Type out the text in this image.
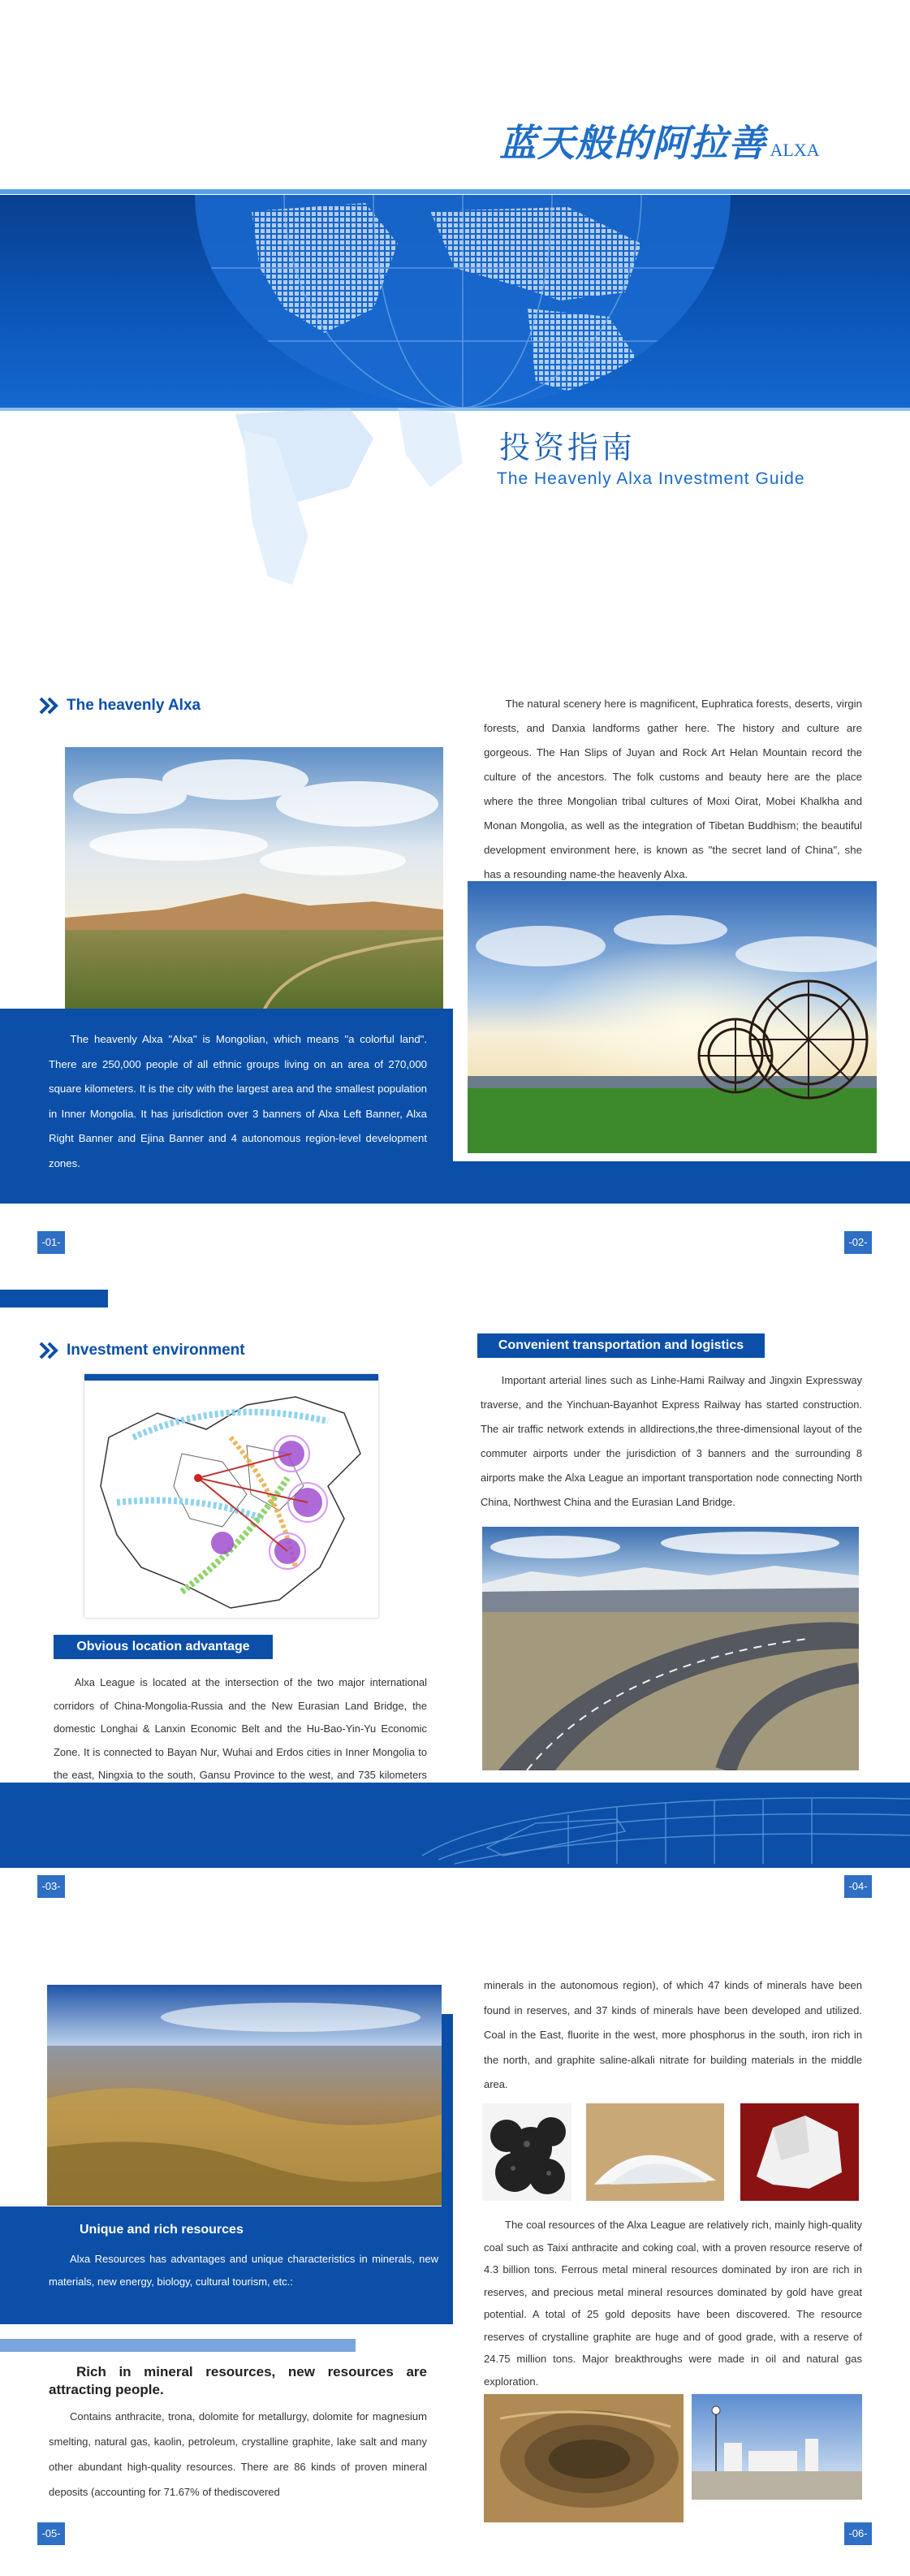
蓝天般的阿拉善 ALXA
投资指南
The Heavenly Alxa Investment Guide
The heavenly Alxa
The heavenly Alxa "Alxa" is Mongolian, which means "a colorful land". There are 250,000 people of all ethnic groups living on an area of 270,000 square kilometers. It is the city with the largest area and the smallest population in Inner Mongolia. It has jurisdiction over 3 banners of Alxa Left Banner, Alxa Right Banner and Ejina Banner and 4 autonomous region-level development zones.
The natural scenery here is magnificent, Euphratica forests, deserts, virgin forests, and Danxia landforms gather here. The history and culture are gorgeous. The Han Slips of Juyan and Rock Art Helan Mountain record the culture of the ancestors. The folk customs and beauty here are the place where the three Mongolian tribal cultures of Moxi Oirat, Mobei Khalkha and Monan Mongolia, as well as the integration of Tibetan Buddhism; the beautiful development environment here, is known as "the secret land of China", she has a resounding name-the heavenly Alxa.
-01-	-02-
Investment environment
Obvious location advantage
Alxa League is located at the intersection of the two major international corridors of China-Mongolia-Russia and the New Eurasian Land Bridge, the domestic Longhai & Lanxin Economic Belt and the Hu-Bao-Yin-Yu Economic Zone. It is connected to Bayan Nur, Wuhai and Erdos cities in Inner Mongolia to the east, Ningxia to the south, Gansu Province to the west, and 735 kilometers
Convenient transportation and logistics
Important arterial lines such as Linhe-Hami Railway and Jingxin Expressway traverse, and the Yinchuan-Bayanhot Express Railway has started construction. The air traffic network extends in alldirections,the three-dimensional layout of the commuter airports under the jurisdiction of 3 banners and the surrounding 8 airports make the Alxa League an important transportation node connecting North China, Northwest China and the Eurasian Land Bridge.
-03-	-04-
Unique and rich resources
Alxa Resources has advantages and unique characteristics in minerals, new materials, new energy, biology, cultural tourism, etc.:
Rich in mineral resources, new resources are attracting people.
Contains anthracite, trona, dolomite for metallurgy, dolomite for magnesium smelting, natural gas, kaolin, petroleum, crystalline graphite, lake salt and many other abundant high-quality resources. There are 86 kinds of proven mineral deposits (accounting for 71.67% of thediscovered
minerals in the autonomous region), of which 47 kinds of minerals have been found in reserves, and 37 kinds of minerals have been developed and utilized. Coal in the East, fluorite in the west, more phosphorus in the south, iron rich in the north, and graphite saline-alkali nitrate for building materials in the middle area.
The coal resources of the Alxa League are relatively rich, mainly high-quality coal such as Taixi anthracite and coking coal, with a proven resource reserve of 4.3 billion tons. Ferrous metal mineral resources dominated by iron are rich in reserves, and precious metal mineral resources dominated by gold have great potential. A total of 25 gold deposits have been discovered. The resource reserves of crystalline graphite are huge and of good grade, with a reserve of 24.75 million tons. Major breakthroughs were made in oil and natural gas exploration.
-05-	-06-
